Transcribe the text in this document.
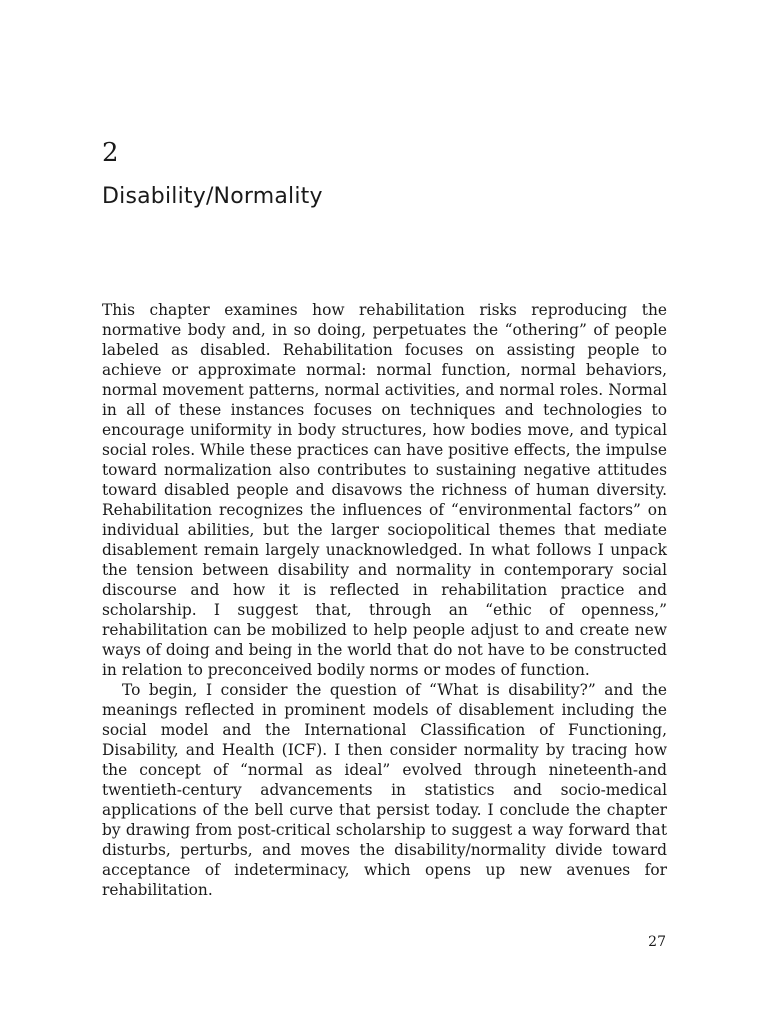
2
Disability/Normality

This chapter examines how rehabilitation risks reproducing the normative body and, in so doing, perpetuates the “othering” of people labeled as disabled. Rehabilitation focuses on assisting people to achieve or approximate normal: normal function, normal behaviors, normal movement patterns, normal activities, and normal roles. Normal in all of these instances focuses on techniques and technologies to encourage uniformity in body structures, how bodies move, and typical social roles. While these practices can have positive effects, the impulse toward normalization also contributes to sustaining negative attitudes toward disabled people and disavows the richness of human diversity. Rehabilitation recognizes the influences of “environmental factors” on individual abilities, but the larger sociopolitical themes that mediate disablement remain largely unacknowledged. In what follows I unpack the tension between disability and normality in contemporary social discourse and how it is reflected in rehabilitation practice and scholarship. I suggest that, through an “ethic of openness,” rehabilitation can be mobilized to help people adjust to and create new ways of doing and being in the world that do not have to be constructed in relation to preconceived bodily norms or modes of function.

To begin, I consider the question of “What is disability?” and the meanings reflected in prominent models of disablement including the social model and the International Classification of Functioning, Disability, and Health (ICF). I then consider normality by tracing how the concept of “normal as ideal” evolved through nineteenth-and twentieth-century advancements in statistics and socio-medical applications of the bell curve that persist today. I conclude the chapter by drawing from post-critical scholarship to suggest a way forward that disturbs, perturbs, and moves the disability/normality divide toward acceptance of indeterminacy, which opens up new avenues for rehabilitation.

27
